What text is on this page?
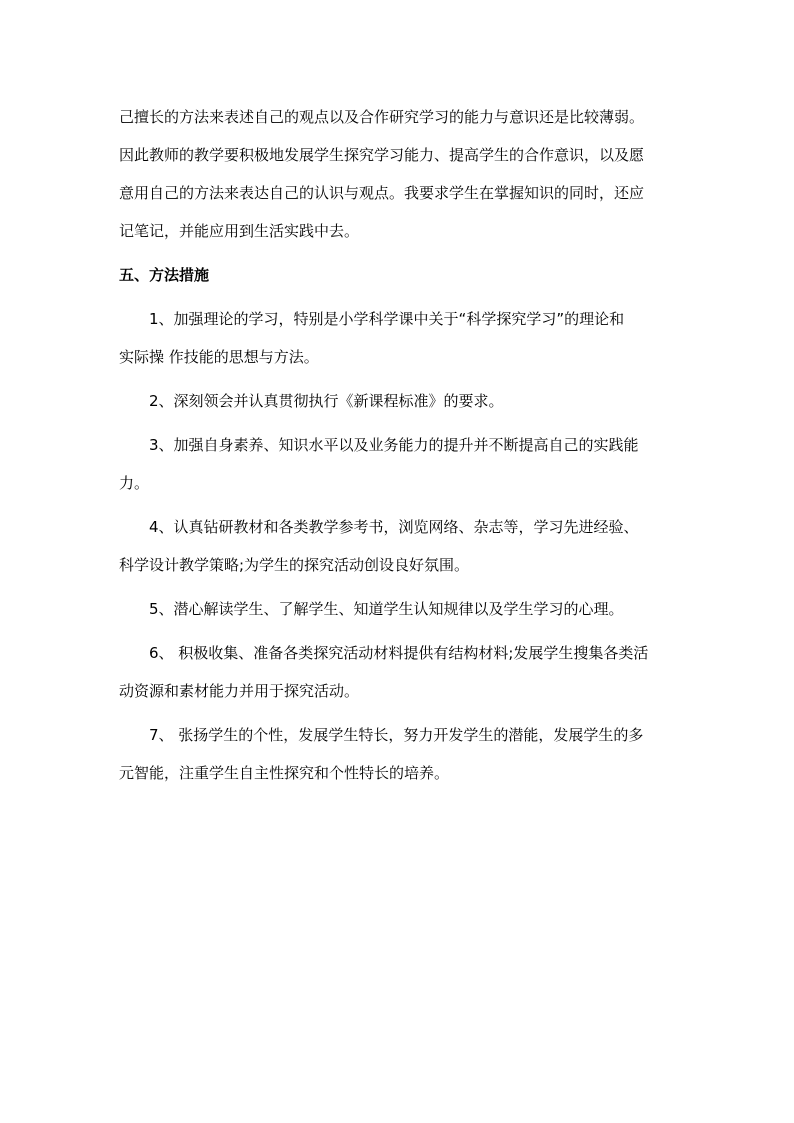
己擅长的方法来表述自己的观点以及合作研究学习的能力与意识还是比较薄弱。
因此教师的教学要积极地发展学生探究学习能力、提高学生的合作意识，以及愿
意用自己的方法来表达自己的认识与观点。我要求学生在掌握知识的同时，还应
记笔记，并能应用到生活实践中去。
五、方法措施
1、加强理论的学习，特别是小学科学课中关于“科学探究学习”的理论和
实际操 作技能的思想与方法。
2、深刻领会并认真贯彻执行《新课程标准》的要求。
3、加强自身素养、知识水平以及业务能力的提升并不断提高自己的实践能
力。
4、认真钻研教材和各类教学参考书，浏览网络、杂志等，学习先进经验、
科学设计教学策略;为学生的探究活动创设良好氛围。
5、潜心解读学生、了解学生、知道学生认知规律以及学生学习的心理。
6、 积极收集、准备各类探究活动材料提供有结构材料;发展学生搜集各类活
动资源和素材能力并用于探究活动。
7、 张扬学生的个性，发展学生特长，努力开发学生的潜能，发展学生的多
元智能，注重学生自主性探究和个性特长的培养。
